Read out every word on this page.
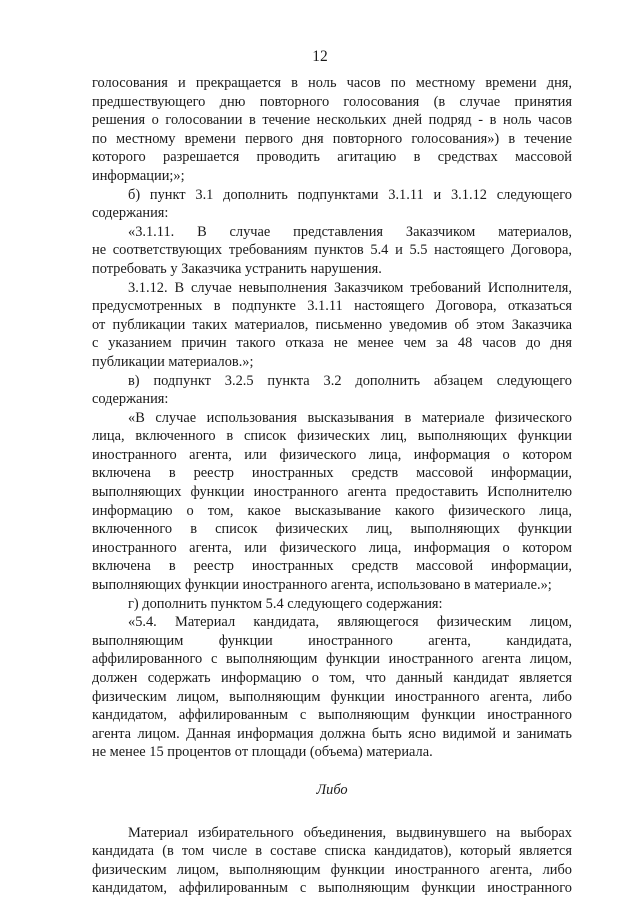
12
голосования и прекращается в ноль часов по местному времени дня,
предшествующего дню повторного голосования (в случае принятия
решения о голосовании в течение нескольких дней подряд - в ноль часов
по местному времени первого дня повторного голосования») в течение
которого разрешается проводить агитацию в средствах массовой
информации;»;
б) пункт 3.1 дополнить подпунктами 3.1.11 и 3.1.12 следующего
содержания:
«3.1.11. В случае представления Заказчиком материалов,
не соответствующих требованиям пунктов 5.4 и 5.5 настоящего Договора,
потребовать у Заказчика устранить нарушения.
3.1.12. В случае невыполнения Заказчиком требований Исполнителя,
предусмотренных в подпункте 3.1.11 настоящего Договора, отказаться
от публикации таких материалов, письменно уведомив об этом Заказчика
с указанием причин такого отказа не менее чем за 48 часов до дня
публикации материалов.»;
в) подпункт 3.2.5 пункта 3.2 дополнить абзацем следующего
содержания:
«В случае использования высказывания в материале физического
лица, включенного в список физических лиц, выполняющих функции
иностранного агента, или физического лица, информация о котором
включена в реестр иностранных средств массовой информации,
выполняющих функции иностранного агента предоставить Исполнителю
информацию о том, какое высказывание какого физического лица,
включенного в список физических лиц, выполняющих функции
иностранного агента, или физического лица, информация о котором
включена в реестр иностранных средств массовой информации,
выполняющих функции иностранного агента, использовано в материале.»;
г) дополнить пунктом 5.4 следующего содержания:
«5.4. Материал кандидата, являющегося физическим лицом,
выполняющим функции иностранного агента, кандидата,
аффилированного с выполняющим функции иностранного агента лицом,
должен содержать информацию о том, что данный кандидат является
физическим лицом, выполняющим функции иностранного агента, либо
кандидатом, аффилированным с выполняющим функции иностранного
агента лицом. Данная информация должна быть ясно видимой и занимать
не менее 15 процентов от площади (объема) материала.
Либо
Материал избирательного объединения, выдвинувшего на выборах
кандидата (в том числе в составе списка кандидатов), который является
физическим лицом, выполняющим функции иностранного агента, либо
кандидатом, аффилированным с выполняющим функции иностранного
